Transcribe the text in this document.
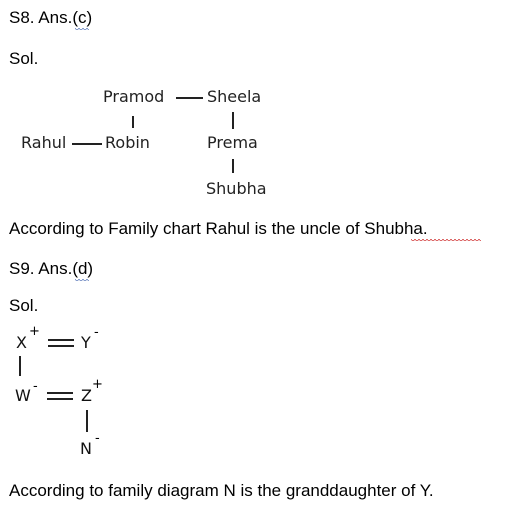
S8. Ans.(c)
Sol.
Pramod	Sheela
Rahul Robin	Prema
Shubha
According to Family chart Rahul is the uncle of Shubha.
S9. Ans.(d)
Sol.
X
+
Y
-
W -	Z
+
N
-
According to family diagram N is the granddaughter of Y.
